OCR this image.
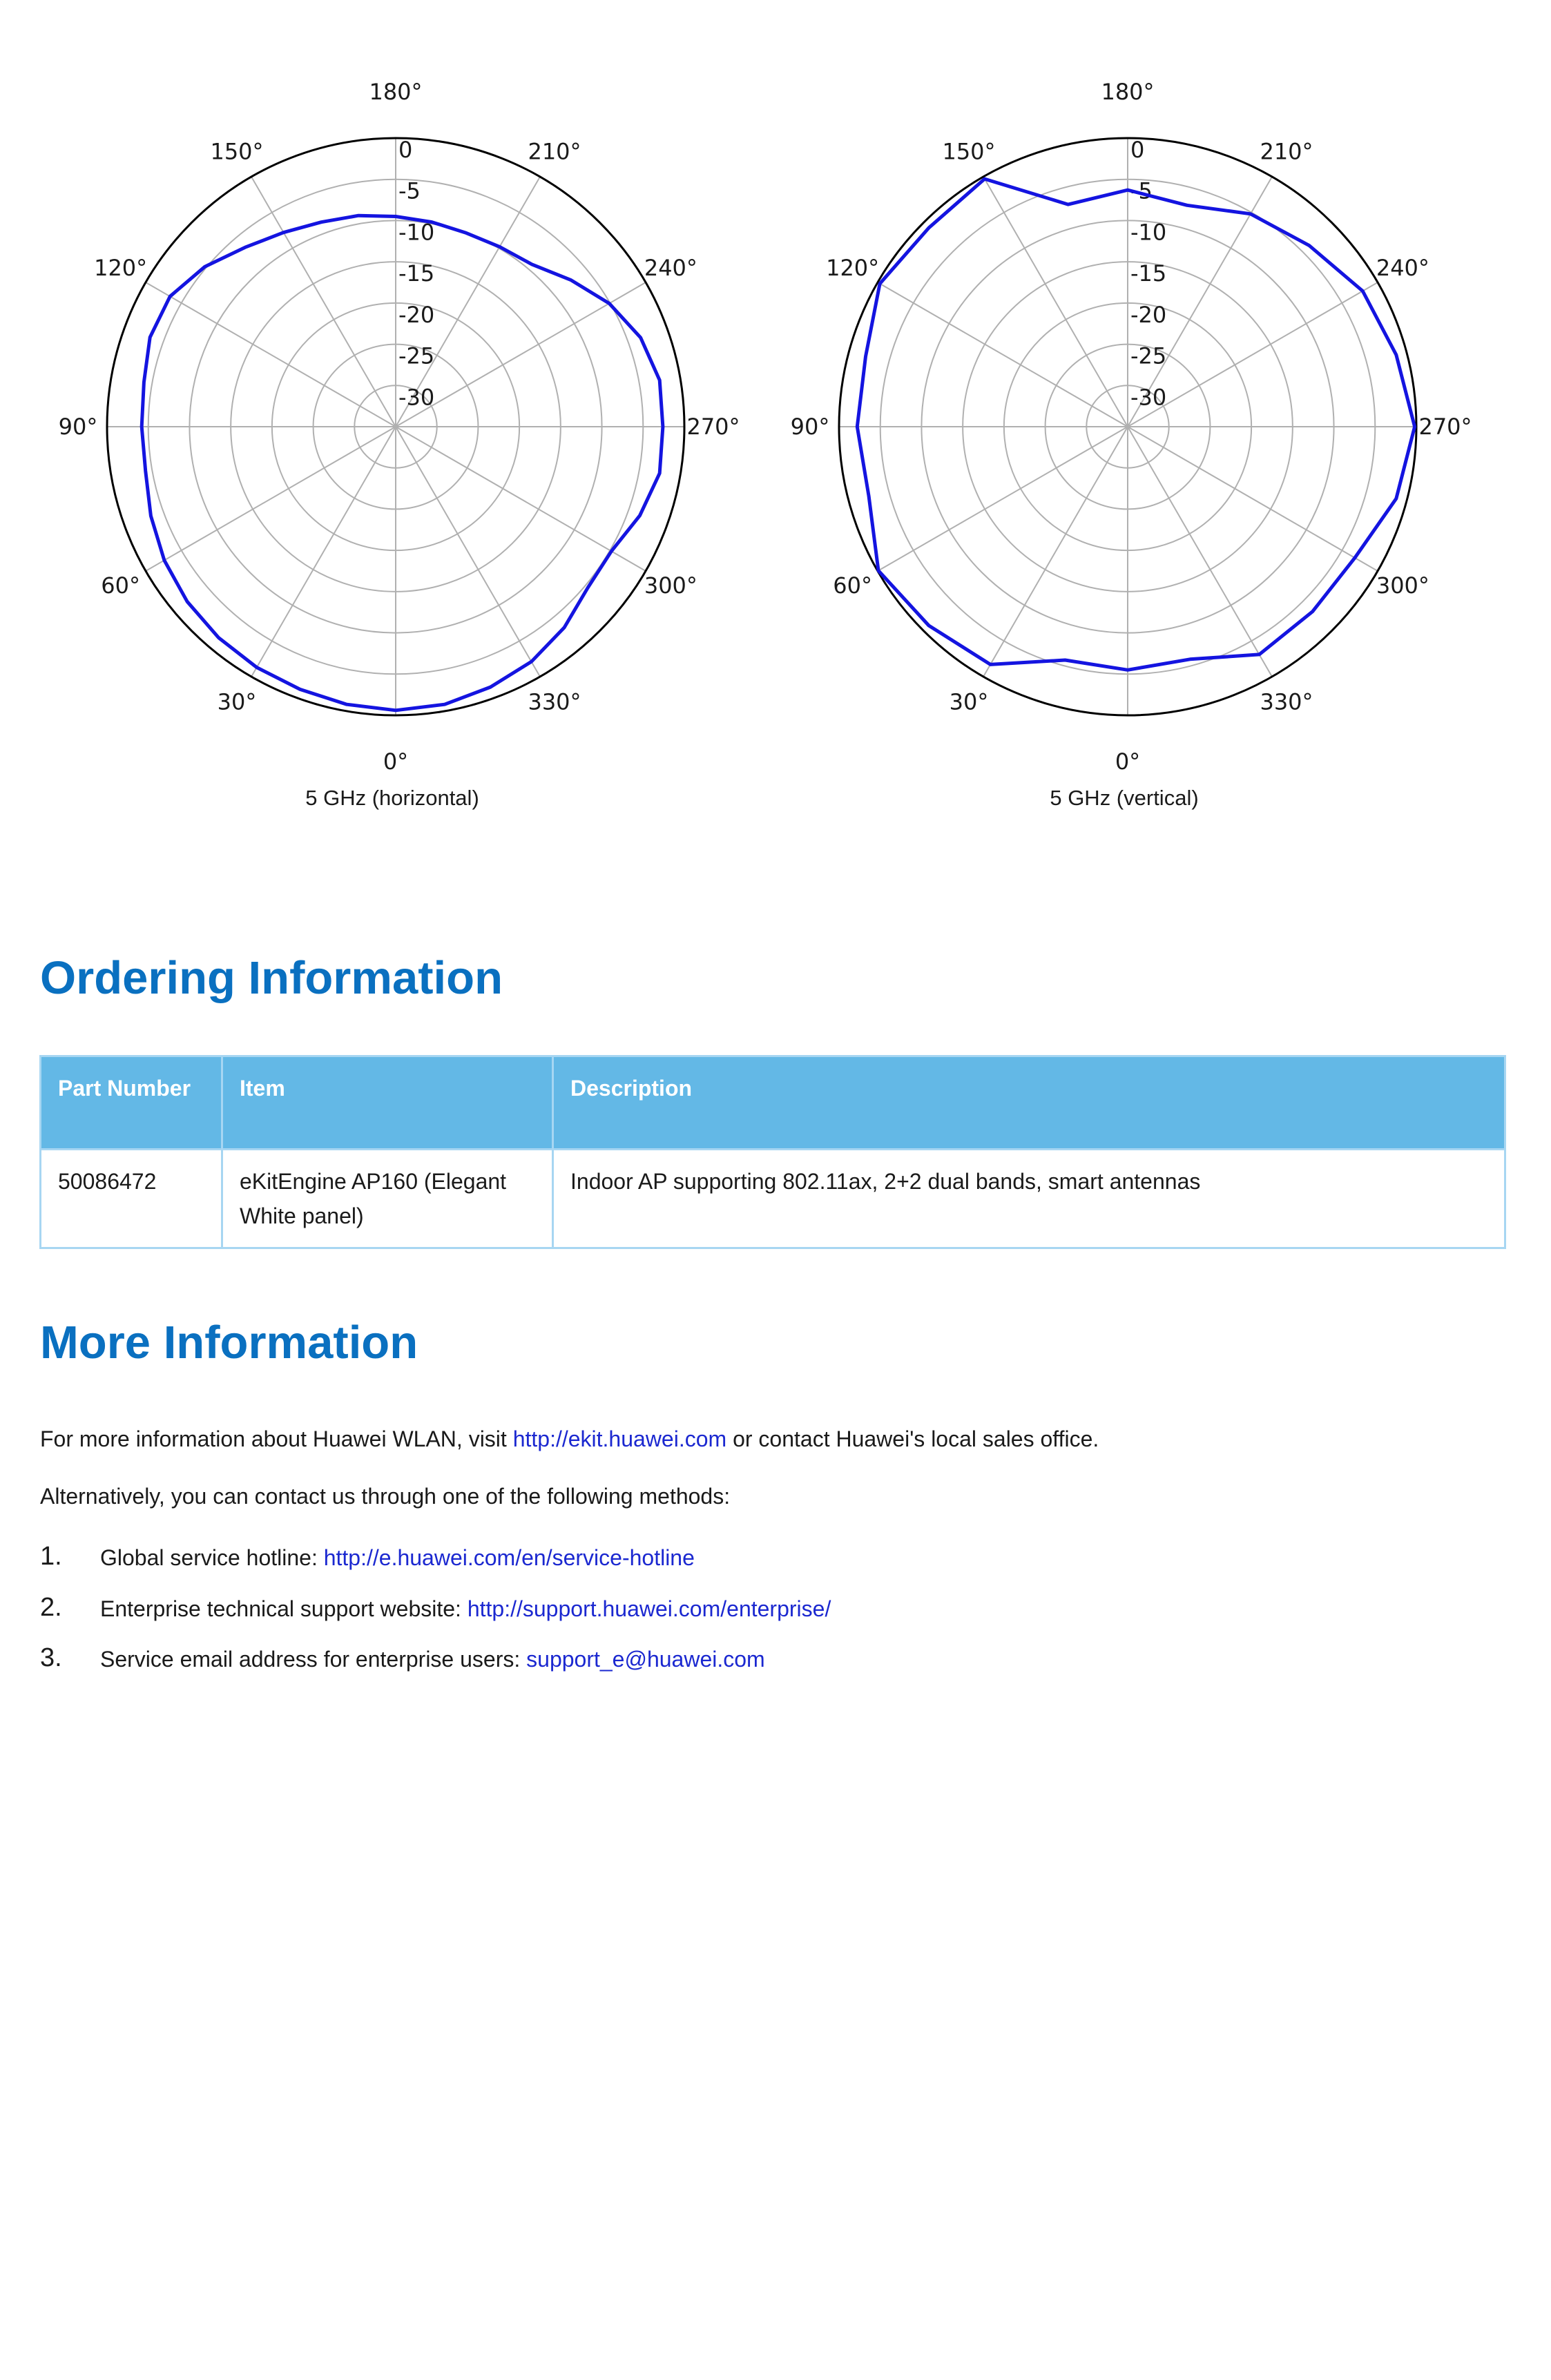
0
-5
-10
-15
-20
-25
-30
0°
30°
60°
90°
120°
150°
180°
210°
240°
270°
300°
330°
5 GHz (horizontal)
0
-5
-10
-15
-20
-25
-30
0°
30°
60°
90°
120°
150°
180°
210°
240°
270°
300°
330°
5 GHz (vertical)
Ordering Information
Part Number	Item	Description
50086472	eKitEngine AP160 (Elegant White panel)	Indoor AP supporting 802.11ax, 2+2 dual bands, smart antennas
More Information

For more information about Huawei WLAN, visit http://ekit.huawei.com or contact Huawei's local sales office.

Alternatively, you can contact us through one of the following methods:

1. Global service hotline: http://e.huawei.com/en/service-hotline
2. Enterprise technical support website: http://support.huawei.com/enterprise/
3. Service email address for enterprise users: support_e@huawei.com
